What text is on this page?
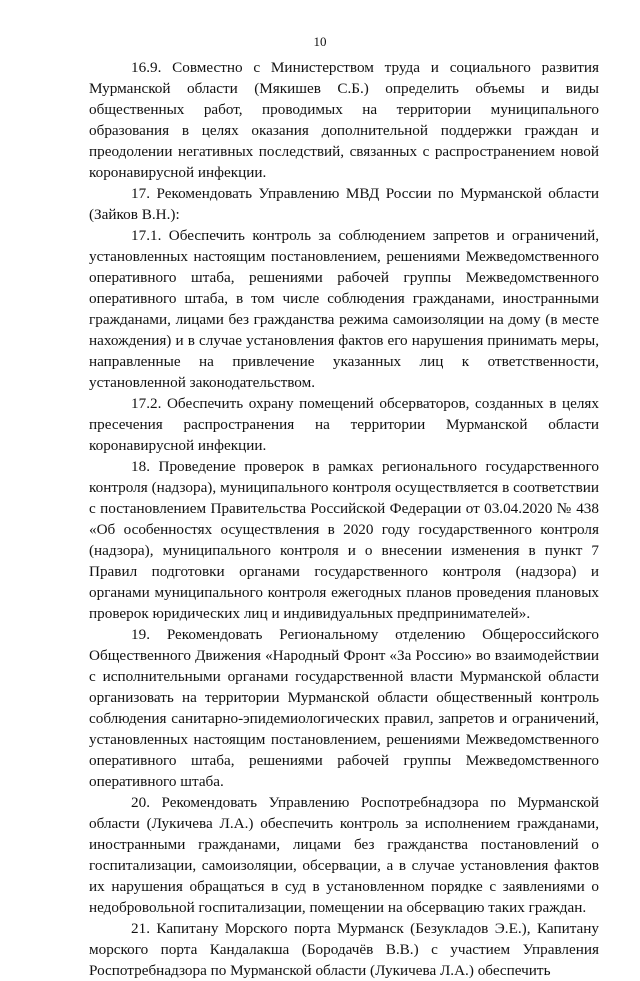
10

16.9. Совместно с Министерством труда и социального развития Мурманской области (Мякишев С.Б.) определить объемы и виды общественных работ, проводимых на территории муниципального образования в целях оказания дополнительной поддержки граждан и преодолении негативных последствий, связанных с распространением новой коронавирусной инфекции.

17. Рекомендовать Управлению МВД России по Мурманской области (Зайков В.Н.):

17.1. Обеспечить контроль за соблюдением запретов и ограничений, установленных настоящим постановлением, решениями Межведомственного оперативного штаба, решениями рабочей группы Межведомственного оперативного штаба, в том числе соблюдения гражданами, иностранными гражданами, лицами без гражданства режима самоизоляции на дому (в месте нахождения) и в случае установления фактов его нарушения принимать меры, направленные на привлечение указанных лиц к ответственности, установленной законодательством.

17.2. Обеспечить охрану помещений обсерваторов, созданных в целях пресечения распространения на территории Мурманской области коронавирусной инфекции.

18. Проведение проверок в рамках регионального государственного контроля (надзора), муниципального контроля осуществляется в соответствии с постановлением Правительства Российской Федерации от 03.04.2020 № 438 «Об особенностях осуществления в 2020 году государственного контроля (надзора), муниципального контроля и о внесении изменения в пункт 7 Правил подготовки органами государственного контроля (надзора) и органами муниципального контроля ежегодных планов проведения плановых проверок юридических лиц и индивидуальных предпринимателей».

19. Рекомендовать Региональному отделению Общероссийского Общественного Движения «Народный Фронт «За Россию» во взаимодействии с исполнительными органами государственной власти Мурманской области организовать на территории Мурманской области общественный контроль соблюдения санитарно-эпидемиологических правил, запретов и ограничений, установленных настоящим постановлением, решениями Межведомственного оперативного штаба, решениями рабочей группы Межведомственного оперативного штаба.

20. Рекомендовать Управлению Роспотребнадзора по Мурманской области (Лукичева Л.А.) обеспечить контроль за исполнением гражданами, иностранными гражданами, лицами без гражданства постановлений о госпитализации, самоизоляции, обсервации, а в случае установления фактов их нарушения обращаться в суд в установленном порядке с заявлениями о недобровольной госпитализации, помещении на обсервацию таких граждан.

21. Капитану Морского порта Мурманск (Безукладов Э.Е.), Капитану морского порта Кандалакша (Бородачёв В.В.) с участием Управления Роспотребнадзора по Мурманской области (Лукичева Л.А.) обеспечить
